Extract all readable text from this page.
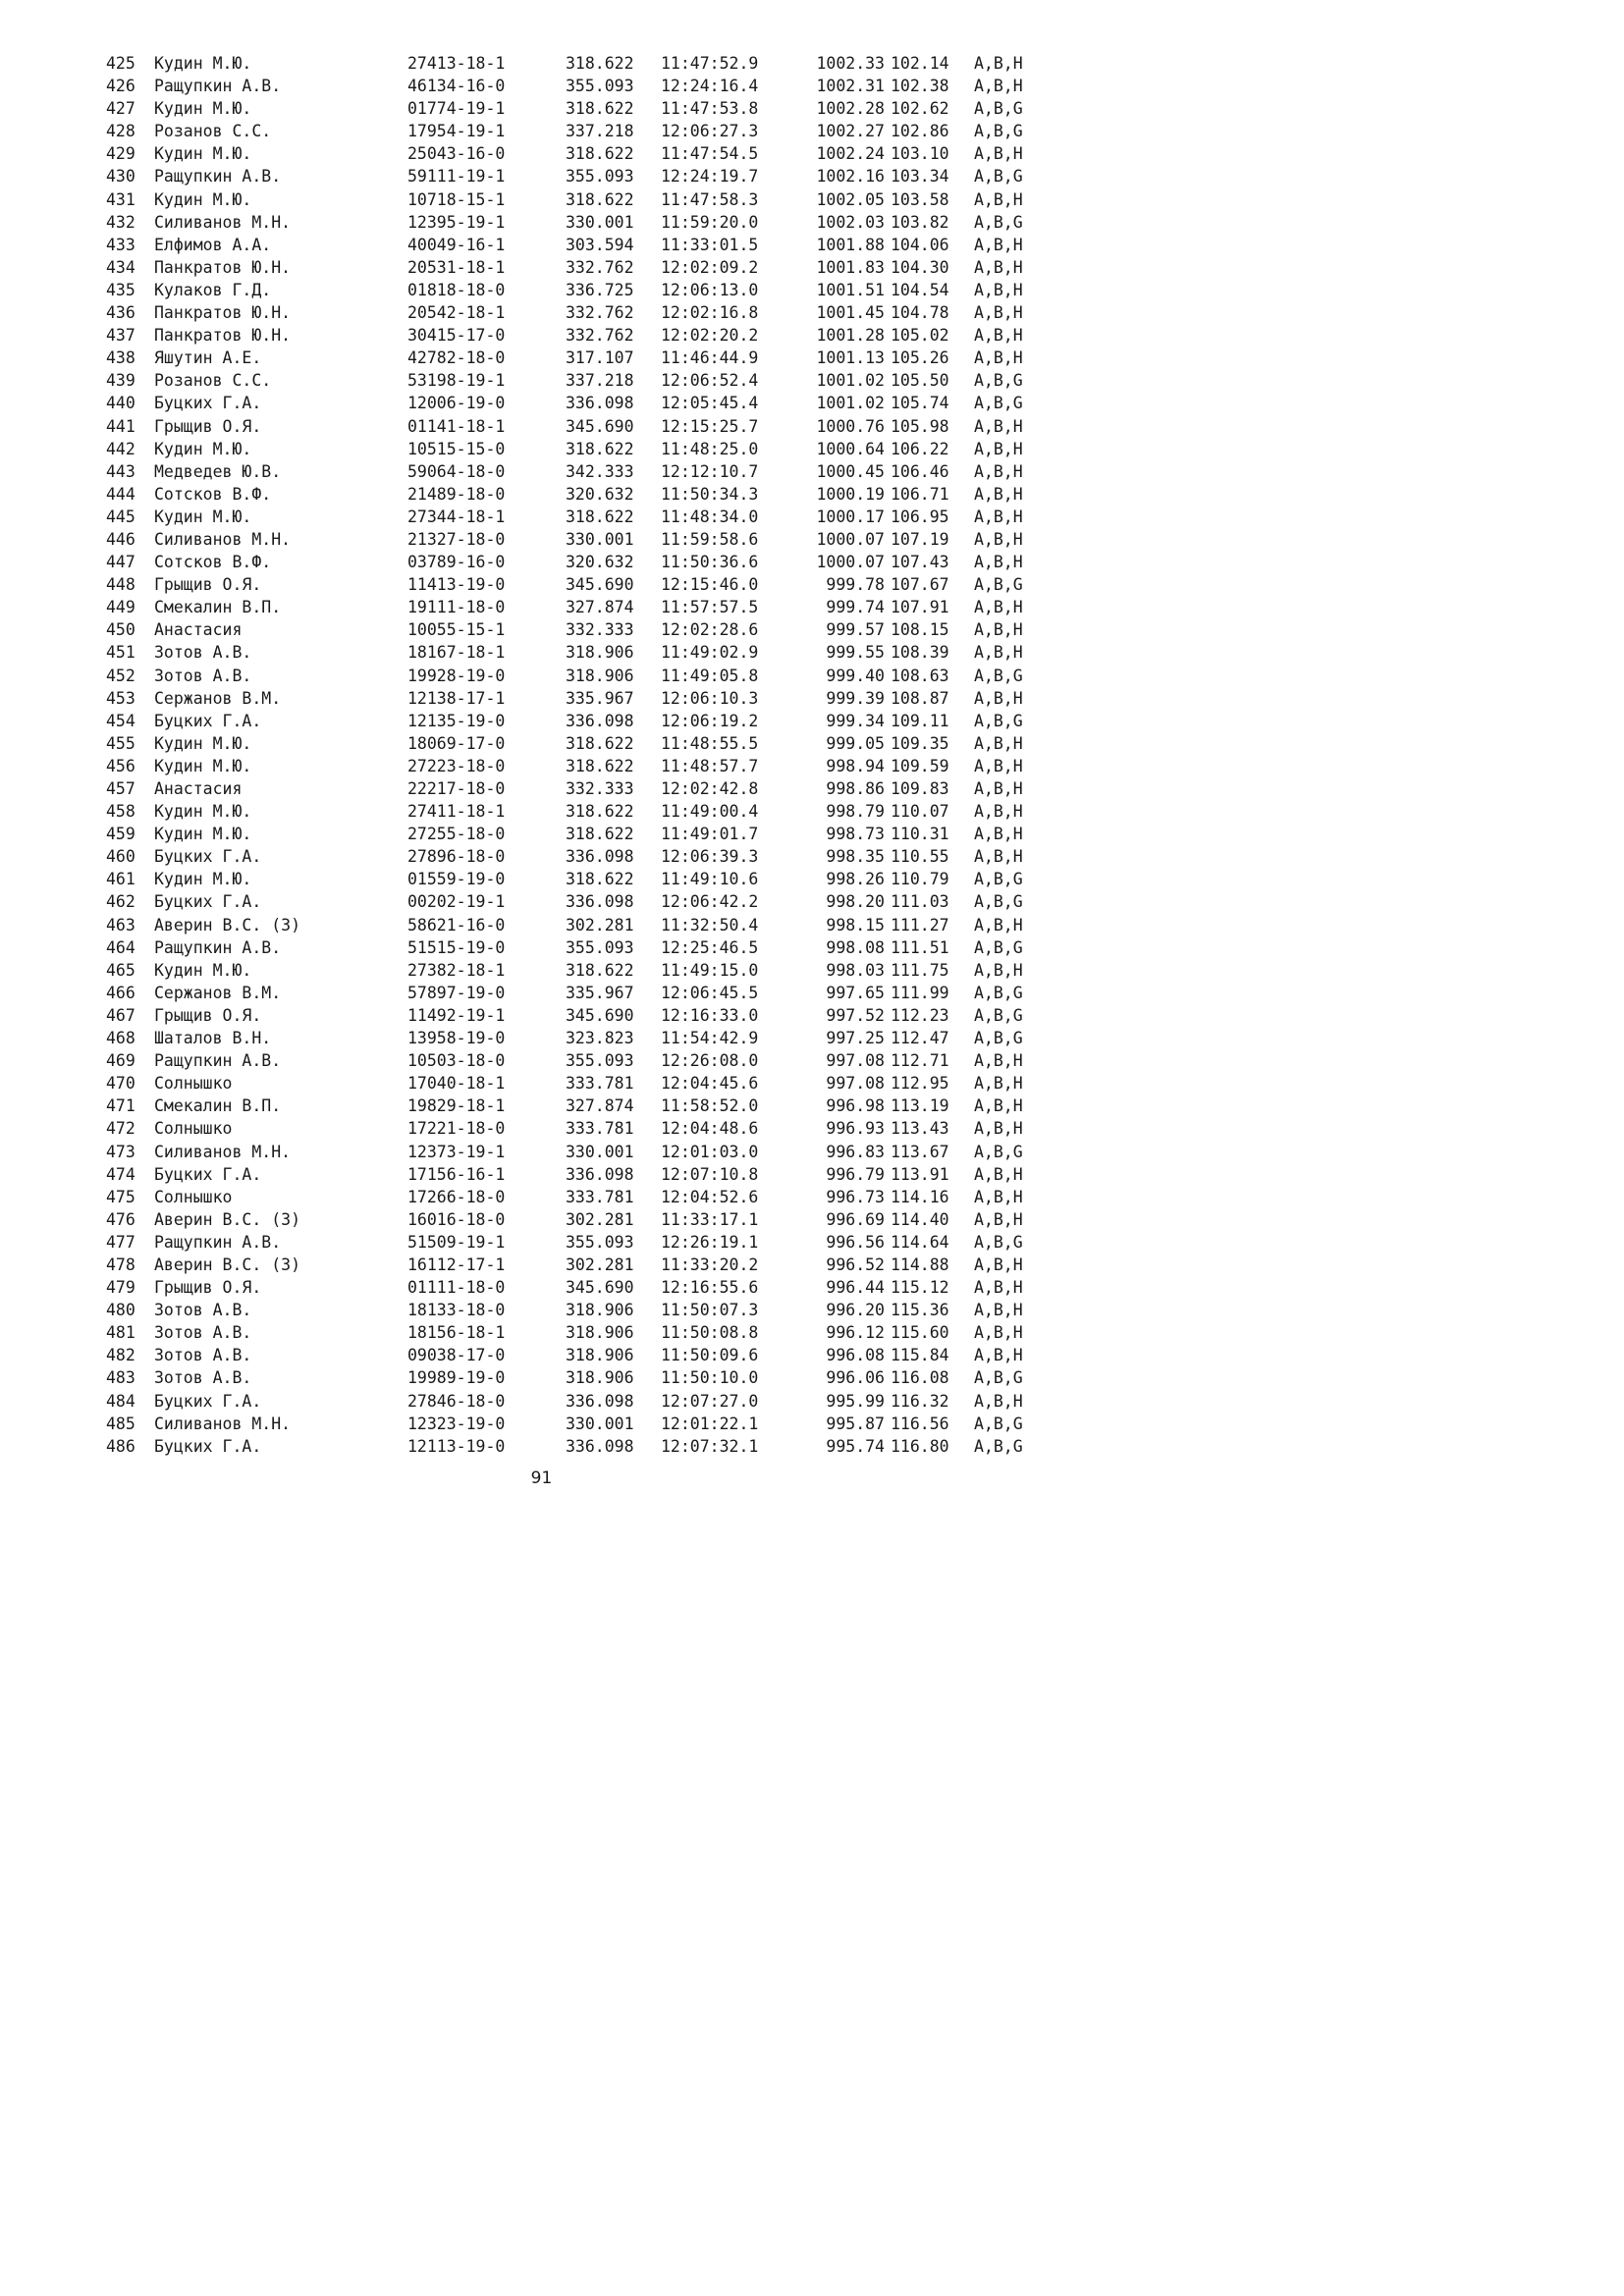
425 Кудин М.Ю.	27413-18-1	318.622 11:47:52.9	1002.33 102.14 A,B,H
426 Ращупкин А.В.	46134-16-0	355.093 12:24:16.4	1002.31 102.38 A,B,H
427 Кудин М.Ю.	01774-19-1	318.622 11:47:53.8	1002.28 102.62 A,B,G
428 Розанов С.С.	17954-19-1	337.218 12:06:27.3	1002.27 102.86 A,B,G
429 Кудин М.Ю.	25043-16-0	318.622 11:47:54.5	1002.24 103.10 A,B,H
430 Ращупкин А.В.	59111-19-1	355.093 12:24:19.7	1002.16 103.34 A,B,G
431 Кудин М.Ю.	10718-15-1	318.622 11:47:58.3	1002.05 103.58 A,B,H
432 Силиванов М.Н.	12395-19-1	330.001 11:59:20.0	1002.03 103.82 A,B,G
433 Елфимов А.А.	40049-16-1	303.594 11:33:01.5	1001.88 104.06 A,B,H
434 Панкратов Ю.Н.	20531-18-1	332.762 12:02:09.2	1001.83 104.30 A,B,H
435 Кулаков Г.Д.	01818-18-0	336.725 12:06:13.0	1001.51 104.54 A,B,H
436 Панкратов Ю.Н.	20542-18-1	332.762 12:02:16.8	1001.45 104.78 A,B,H
437 Панкратов Ю.Н.	30415-17-0	332.762 12:02:20.2	1001.28 105.02 A,B,H
438 Яшутин А.Е.	42782-18-0	317.107 11:46:44.9	1001.13 105.26 A,B,H
439 Розанов С.С.	53198-19-1	337.218 12:06:52.4	1001.02 105.50 A,B,G
440 Буцких Г.А.	12006-19-0	336.098 12:05:45.4	1001.02 105.74 A,B,G
441 Грыщив О.Я.	01141-18-1	345.690 12:15:25.7	1000.76 105.98 A,B,H
442 Кудин М.Ю.	10515-15-0	318.622 11:48:25.0	1000.64 106.22 A,B,H
443 Медведев Ю.В.	59064-18-0	342.333 12:12:10.7	1000.45 106.46 A,B,H
444 Сотсков В.Ф.	21489-18-0	320.632 11:50:34.3	1000.19 106.71 A,B,H
445 Кудин М.Ю.	27344-18-1	318.622 11:48:34.0	1000.17 106.95 A,B,H
446 Силиванов М.Н.	21327-18-0	330.001 11:59:58.6	1000.07 107.19 A,B,H
447 Сотсков В.Ф.	03789-16-0	320.632 11:50:36.6	1000.07 107.43 A,B,H
448 Грыщив О.Я.	11413-19-0	345.690 12:15:46.0	999.78 107.67 A,B,G
449 Смекалин В.П.	19111-18-0	327.874 11:57:57.5	999.74 107.91 A,B,H
450 Анастасия	10055-15-1	332.333 12:02:28.6	999.57 108.15 A,B,H
451 Зотов А.В.	18167-18-1	318.906 11:49:02.9	999.55 108.39 A,B,H
452 Зотов А.В.	19928-19-0	318.906 11:49:05.8	999.40 108.63 A,B,G
453 Сержанов В.М.	12138-17-1	335.967 12:06:10.3	999.39 108.87 A,B,H
454 Буцких Г.А.	12135-19-0	336.098 12:06:19.2	999.34 109.11 A,B,G
455 Кудин М.Ю.	18069-17-0	318.622 11:48:55.5	999.05 109.35 A,B,H
456 Кудин М.Ю.	27223-18-0	318.622 11:48:57.7	998.94 109.59 A,B,H
457 Анастасия	22217-18-0	332.333 12:02:42.8	998.86 109.83 A,B,H
458 Кудин М.Ю.	27411-18-1	318.622 11:49:00.4	998.79 110.07 A,B,H
459 Кудин М.Ю.	27255-18-0	318.622 11:49:01.7	998.73 110.31 A,B,H
460 Буцких Г.А.	27896-18-0	336.098 12:06:39.3	998.35 110.55 A,B,H
461 Кудин М.Ю.	01559-19-0	318.622 11:49:10.6	998.26 110.79 A,B,G
462 Буцких Г.А.	00202-19-1	336.098 12:06:42.2	998.20 111.03 A,B,G
463 Аверин В.С. (З)	58621-16-0	302.281 11:32:50.4	998.15 111.27 A,B,H
464 Ращупкин А.В.	51515-19-0	355.093 12:25:46.5	998.08 111.51 A,B,G
465 Кудин М.Ю.	27382-18-1	318.622 11:49:15.0	998.03 111.75 A,B,H
466 Сержанов В.М.	57897-19-0	335.967 12:06:45.5	997.65 111.99 A,B,G
467 Грыщив О.Я.	11492-19-1	345.690 12:16:33.0	997.52 112.23 A,B,G
468 Шаталов В.Н.	13958-19-0	323.823 11:54:42.9	997.25 112.47 A,B,G
469 Ращупкин А.В.	10503-18-0	355.093 12:26:08.0	997.08 112.71 A,B,H
470 Солнышко	17040-18-1	333.781 12:04:45.6	997.08 112.95 A,B,H
471 Смекалин В.П.	19829-18-1	327.874 11:58:52.0	996.98 113.19 A,B,H
472 Солнышко	17221-18-0	333.781 12:04:48.6	996.93 113.43 A,B,H
473 Силиванов М.Н.	12373-19-1	330.001 12:01:03.0	996.83 113.67 A,B,G
474 Буцких Г.А.	17156-16-1	336.098 12:07:10.8	996.79 113.91 A,B,H
475 Солнышко	17266-18-0	333.781 12:04:52.6	996.73 114.16 A,B,H
476 Аверин В.С. (З)	16016-18-0	302.281 11:33:17.1	996.69 114.40 A,B,H
477 Ращупкин А.В.	51509-19-1	355.093 12:26:19.1	996.56 114.64 A,B,G
478 Аверин В.С. (З)	16112-17-1	302.281 11:33:20.2	996.52 114.88 A,B,H
479 Грыщив О.Я.	01111-18-0	345.690 12:16:55.6	996.44 115.12 A,B,H
480 Зотов А.В.	18133-18-0	318.906 11:50:07.3	996.20 115.36 A,B,H
481 Зотов А.В.	18156-18-1	318.906 11:50:08.8	996.12 115.60 A,B,H
482 Зотов А.В.	09038-17-0	318.906 11:50:09.6	996.08 115.84 A,B,H
483 Зотов А.В.	19989-19-0	318.906 11:50:10.0	996.06 116.08 A,B,G
484 Буцких Г.А.	27846-18-0	336.098 12:07:27.0	995.99 116.32 A,B,H
485 Силиванов М.Н.	12323-19-0	330.001 12:01:22.1	995.87 116.56 A,B,G
486 Буцких Г.А.	12113-19-0	336.098 12:07:32.1	995.74 116.80 A,B,G
91
